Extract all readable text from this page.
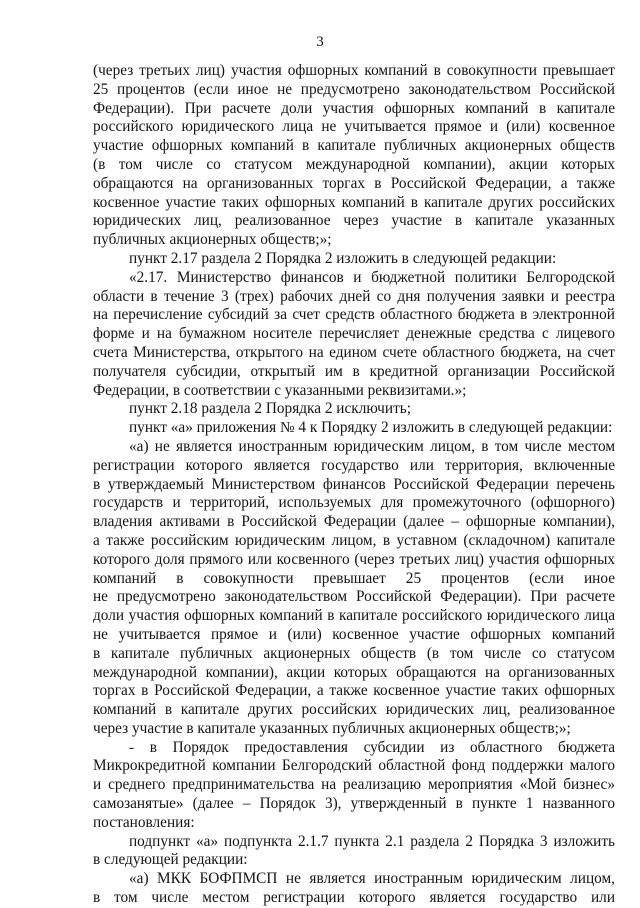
3
(через третьих лиц) участия офшорных компаний в совокупности превышает
25 процентов (если иное не предусмотрено законодательством Российской
Федерации). При расчете доли участия офшорных компаний в капитале
российского юридического лица не учитывается прямое и (или) косвенное
участие офшорных компаний в капитале публичных акционерных обществ
(в том числе со статусом международной компании), акции которых
обращаются на организованных торгах в Российской Федерации, а также
косвенное участие таких офшорных компаний в капитале других российских
юридических лиц, реализованное через участие в капитале указанных
публичных акционерных обществ;»;
пункт 2.17 раздела 2 Порядка 2 изложить в следующей редакции:
«2.17. Министерство финансов и бюджетной политики Белгородской
области в течение 3 (трех) рабочих дней со дня получения заявки и реестра
на перечисление субсидий за счет средств областного бюджета в электронной
форме и на бумажном носителе перечисляет денежные средства с лицевого
счета Министерства, открытого на едином счете областного бюджета, на счет
получателя субсидии, открытый им в кредитной организации Российской
Федерации, в соответствии с указанными реквизитами.»;
пункт 2.18 раздела 2 Порядка 2 исключить;
пункт «а» приложения № 4 к Порядку 2 изложить в следующей редакции:
«а) не является иностранным юридическим лицом, в том числе местом
регистрации которого является государство или территория, включенные
в утверждаемый Министерством финансов Российской Федерации перечень
государств и территорий, используемых для промежуточного (офшорного)
владения активами в Российской Федерации (далее – офшорные компании),
а также российским юридическим лицом, в уставном (складочном) капитале
которого доля прямого или косвенного (через третьих лиц) участия офшорных
компаний в совокупности превышает 25 процентов (если иное
не предусмотрено законодательством Российской Федерации). При расчете
доли участия офшорных компаний в капитале российского юридического лица
не учитывается прямое и (или) косвенное участие офшорных компаний
в капитале публичных акционерных обществ (в том числе со статусом
международной компании), акции которых обращаются на организованных
торгах в Российской Федерации, а также косвенное участие таких офшорных
компаний в капитале других российских юридических лиц, реализованное
через участие в капитале указанных публичных акционерных обществ;»;
- в Порядок предоставления субсидии из областного бюджета
Микрокредитной компании Белгородский областной фонд поддержки малого
и среднего предпринимательства на реализацию мероприятия «Мой бизнес»
самозанятые» (далее – Порядок 3), утвержденный в пункте 1 названного
постановления:
подпункт «а» подпункта 2.1.7 пункта 2.1 раздела 2 Порядка 3 изложить
в следующей редакции:
«а) МКК БОФПМСП не является иностранным юридическим лицом,
в том числе местом регистрации которого является государство или
